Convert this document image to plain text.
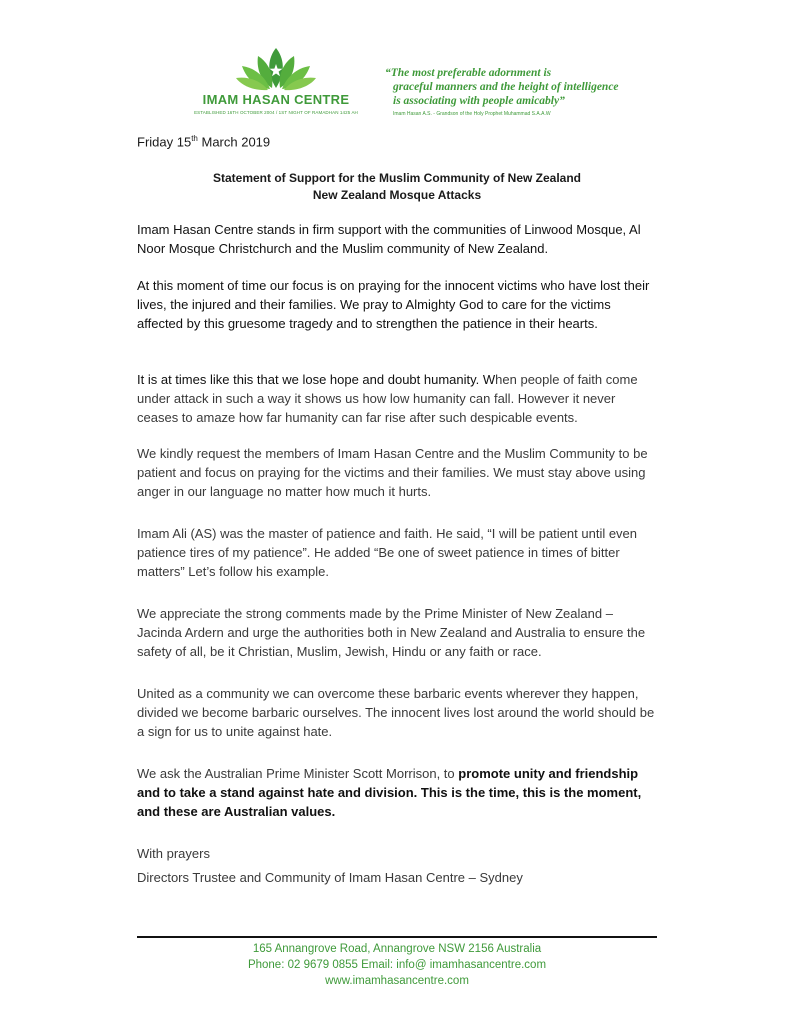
IMAM HASAN CENTRE
ESTABLISHED 16TH OCTOBER 2004 / 1ST NIGHT OF RAMADHAN 1425 AH
“The most preferable adornment is
graceful manners and the height of intelligence
is associating with people amicably”
Imam Hasan A.S. - Grandson of the Holy Prophet Muhammad S.A.A.W
Friday 15th March 2019
Statement of Support for the Muslim Community of New Zealand
New Zealand Mosque Attacks
Imam Hasan Centre stands in firm support with the communities of Linwood Mosque, Al Noor Mosque Christchurch and the Muslim community of New Zealand.
At this moment of time our focus is on praying for the innocent victims who have lost their lives, the injured and their families. We pray to Almighty God to care for the victims affected by this gruesome tragedy and to strengthen the patience in their hearts.
It is at times like this that we lose hope and doubt humanity. When people of faith come under attack in such a way it shows us how low humanity can fall. However it never ceases to amaze how far humanity can far rise after such despicable events.
We kindly request the members of Imam Hasan Centre and the Muslim Community to be patient and focus on praying for the victims and their families. We must stay above using anger in our language no matter how much it hurts.
Imam Ali (AS) was the master of patience and faith. He said, “I will be patient until even patience tires of my patience”. He added “Be one of sweet patience in times of bitter matters” Let’s follow his example.
We appreciate the strong comments made by the Prime Minister of New Zealand – Jacinda Ardern and urge the authorities both in New Zealand and Australia to ensure the safety of all, be it Christian, Muslim, Jewish, Hindu or any faith or race.
United as a community we can overcome these barbaric events wherever they happen, divided we become barbaric ourselves. The innocent lives lost around the world should be a sign for us to unite against hate.
We ask the Australian Prime Minister Scott Morrison, to promote unity and friendship and to take a stand against hate and division. This is the time, this is the moment, and these are Australian values.
With prayers
Directors Trustee and Community of Imam Hasan Centre – Sydney
165 Annangrove Road, Annangrove NSW 2156 Australia
Phone: 02 9679 0855 Email: info@ imamhasancentre.com
www.imamhasancentre.com
